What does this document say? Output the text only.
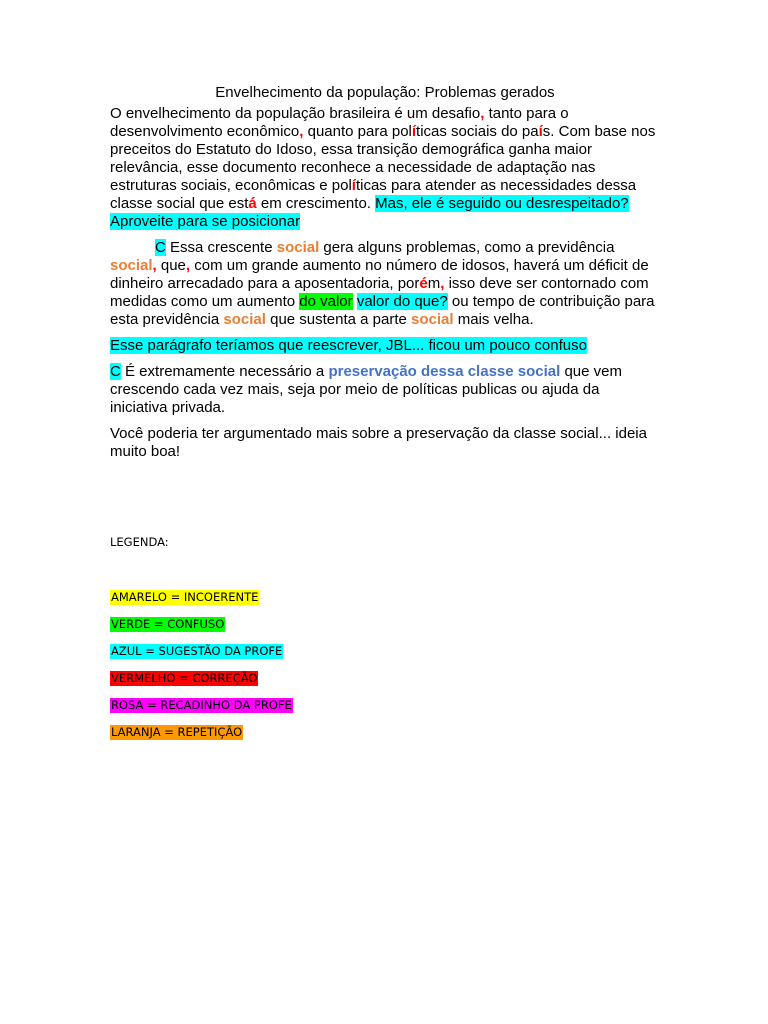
Envelhecimento da população: Problemas gerados

O envelhecimento da população brasileira é um desafio, tanto para o desenvolvimento econômico, quanto para políticas sociais do país. Com base nos preceitos do Estatuto do Idoso, essa transição demográfica ganha maior relevância, esse documento reconhece a necessidade de adaptação nas estruturas sociais, econômicas e políticas para atender as necessidades dessa classe social que está em crescimento. Mas, ele é seguido ou desrespeitado? Aproveite para se posicionar

C Essa crescente social gera alguns problemas, como a previdência social, que, com um grande aumento no número de idosos, haverá um déficit de dinheiro arrecadado para a aposentadoria, porém, isso deve ser contornado com medidas como um aumento do valor valor do que? ou tempo de contribuição para esta previdência social que sustenta a parte social mais velha.

Esse parágrafo teríamos que reescrever, JBL... ficou um pouco confuso

C É extremamente necessário a preservação dessa classe social que vem crescendo cada vez mais, seja por meio de políticas publicas ou ajuda da iniciativa privada.

Você poderia ter argumentado mais sobre a preservação da classe social... ideia muito boa!

LEGENDA:
AMARELO = INCOERENTE
VERDE = CONFUSO
AZUL = SUGESTÃO DA PROFE
VERMELHO = CORREÇÃO
ROSA = RECADINHO DA PROFE
LARANJA = REPETIÇÃO
